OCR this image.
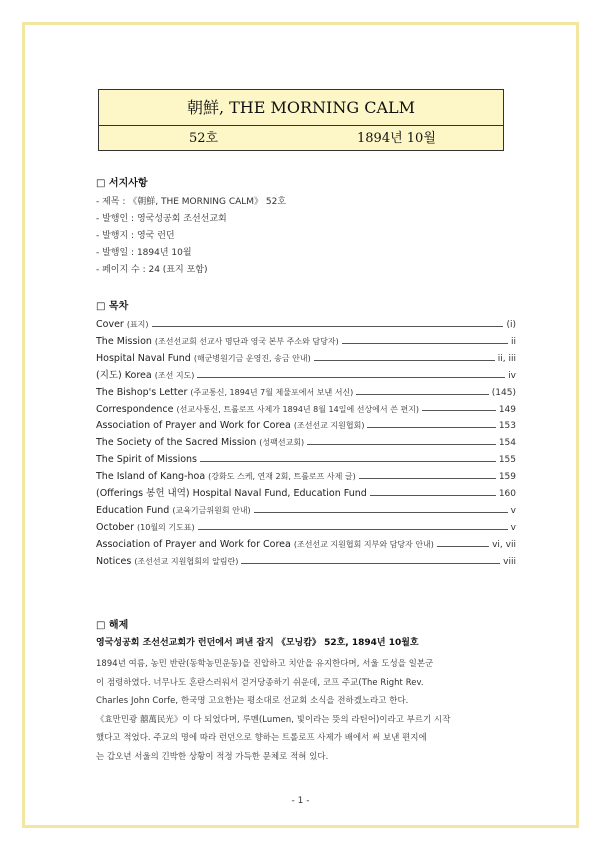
朝鮮, THE MORNING CALM
52호	1894년 10월
□ 서지사항
- 제목 : 《朝鮮, THE MORNING CALM》 52호
- 발행인 : 영국성공회 조선선교회
- 발행지 : 영국 런던
- 발행일 : 1894년 10월
- 페이지 수 : 24 (표지 포함)
□ 목차
Cover (표지)	(i)
The Mission (조선선교회 선교사 명단과 영국 본부 주소와 담당자)	ii
Hospital Naval Fund (해군병원기금 운영진, 송금 안내)	ii, iii
(지도) Korea (조선 지도)	iv
The Bishop's Letter (주교통신, 1894년 7월 제물포에서 보낸 서신)	(145)
Correspondence (선교사통신, 트롤로프 사제가 1894년 8월 14일에 선상에서 쓴 편지)	149
Association of Prayer and Work for Corea (조선선교 지원협회)	153
The Society of the Sacred Mission (성팩선교회)	154
The Spirit of Missions	155
The Island of Kang-hoa (강화도 스케, 연재 2회, 트롤로프 사제 글)	159
(Offerings 봉헌 내역) Hospital Naval Fund, Education Fund	160
Education Fund (교육기금위원회 안내)	v
October (10월의 기도표)	v
Association of Prayer and Work for Corea (조선선교 지원협회 지부와 담당자 안내)	vi, vii
Notices (조선선교 지원협회의 알림란)	viii
□ 해제
영국성공회 조선선교회가 런던에서 펴낸 잡지 《모닝캄》 52호, 1894년 10월호
1894년 여름, 농민 반란(동학농민운동)을 진압하고 치안을 유지한다며, 서울 도성을 일본군
이 점령하였다. 너무나도 혼란스러워서 걷거당종하기 쉬운데, 코프 주교(The Right Rev.
Charles John Corfe, 한국명 고요한)는 평소대로 선교회 소식을 전하겠노라고 한다.
《효만민광 囍萬民光》이 다 되었다며, 루멘(Lumen, 빛이라는 뜻의 라틴어)이라고 부르기 시작
했다고 적었다. 주교의 명에 따라 런던으로 향하는 트롤로프 사제가 배에서 써 보낸 편지에
는 갑오년 서울의 긴박한 상황이 적정 가득한 문체로 적혀 있다.
- 1 -
